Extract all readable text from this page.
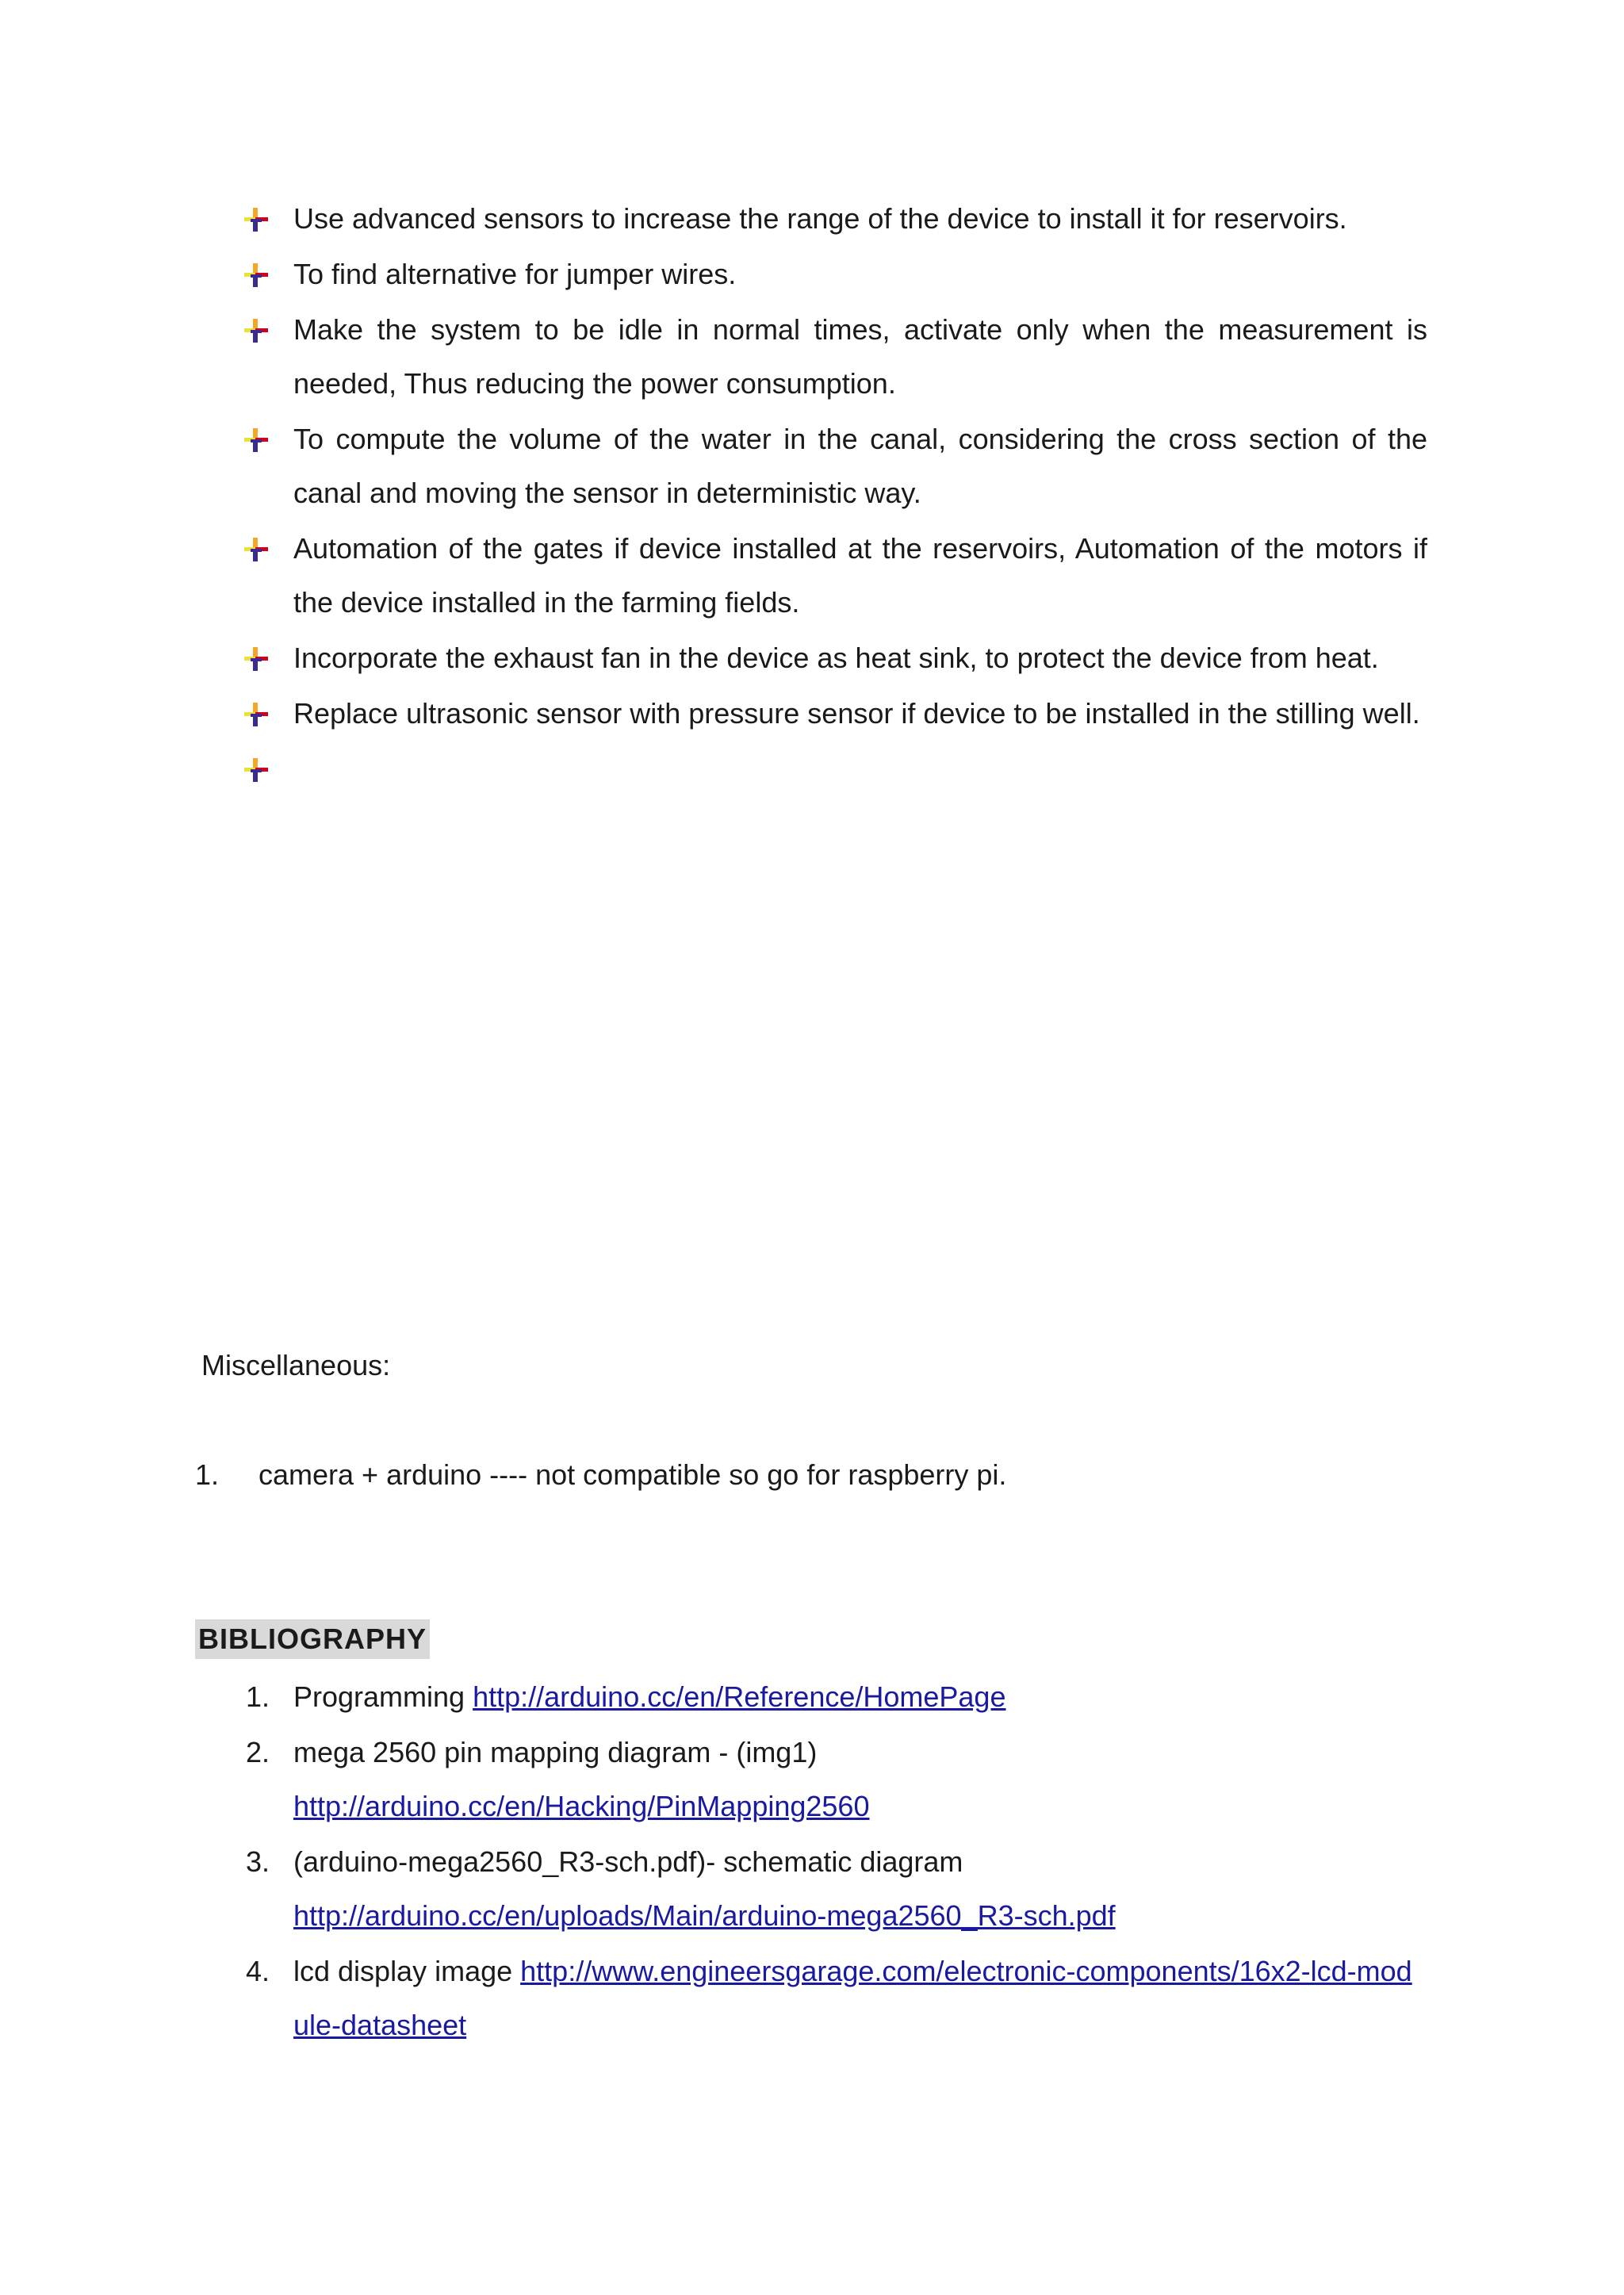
Use advanced sensors to increase the range of the device to install it for reservoirs.
To find alternative for jumper wires.
Make the system to be idle in normal times, activate only when the measurement is needed, Thus reducing the power consumption.
To compute the volume of the water in the canal, considering the cross section of the canal and moving the sensor in deterministic way.
Automation of the gates if device installed at the reservoirs, Automation of the motors if the device installed in the farming fields.
Incorporate the exhaust fan in the device as heat sink, to protect the device from heat.
Replace ultrasonic sensor with pressure sensor if device to be installed in the stilling well.

Miscellaneous:

1. camera + arduino ---- not compatible so go for raspberry pi.

BIBLIOGRAPHY

1. Programming http://arduino.cc/en/Reference/HomePage
2. mega 2560 pin mapping diagram - (img1)
http://arduino.cc/en/Hacking/PinMapping2560
3. (arduino-mega2560_R3-sch.pdf)- schematic diagram
http://arduino.cc/en/uploads/Main/arduino-mega2560_R3-sch.pdf
4. lcd display image http://www.engineersgarage.com/electronic-components/16x2-lcd-module-datasheet
